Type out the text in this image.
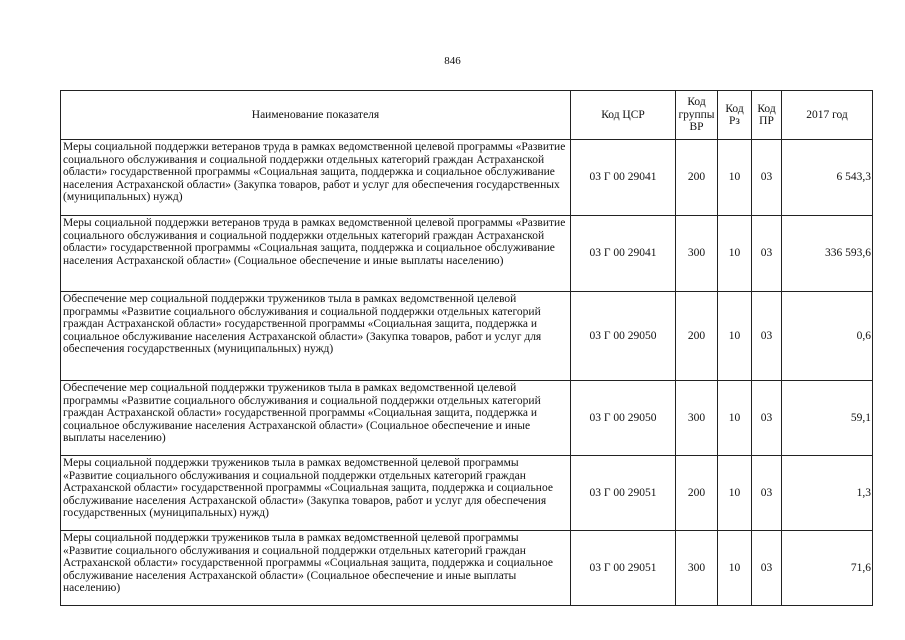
846
Наименование показателя	Код ЦСР	Код группы ВР	Код Рз	Код ПР	2017 год
Меры социальной поддержки ветеранов труда в рамках ведомственной целевой программы «Развитие социального обслуживания и социальной поддержки отдельных категорий граждан Астраханской области» государственной программы «Социальная защита, поддержка и социальное обслуживание населения Астраханской области» (Закупка товаров, работ и услуг для обеспечения государственных (муниципальных) нужд)	03 Г 00 29041	200	10	03	6 543,3
Меры социальной поддержки ветеранов труда в рамках ведомственной целевой программы «Развитие социального обслуживания и социальной поддержки отдельных категорий граждан Астраханской области» государственной программы «Социальная защита, поддержка и социальное обслуживание населения Астраханской области» (Социальное обеспечение и иные выплаты населению)	03 Г 00 29041	300	10	03	336 593,6
Обеспечение мер социальной поддержки тружеников тыла в рамках ведомственной целевой программы «Развитие социального обслуживания и социальной поддержки отдельных категорий граждан Астраханской области» государственной программы «Социальная защита, поддержка и социальное обслуживание населения Астраханской области» (Закупка товаров, работ и услуг для обеспечения государственных (муниципальных) нужд)	03 Г 00 29050	200	10	03	0,6
Обеспечение мер социальной поддержки тружеников тыла в рамках ведомственной целевой программы «Развитие социального обслуживания и социальной поддержки отдельных категорий граждан Астраханской области» государственной программы «Социальная защита, поддержка и социальное обслуживание населения Астраханской области» (Социальное обеспечение и иные выплаты населению)	03 Г 00 29050	300	10	03	59,1
Меры социальной поддержки тружеников тыла в рамках ведомственной целевой программы «Развитие социального обслуживания и социальной поддержки отдельных категорий граждан Астраханской области» государственной программы «Социальная защита, поддержка и социальное обслуживание населения Астраханской области» (Закупка товаров, работ и услуг для обеспечения государственных (муниципальных) нужд)	03 Г 00 29051	200	10	03	1,3
Меры социальной поддержки тружеников тыла в рамках ведомственной целевой программы «Развитие социального обслуживания и социальной поддержки отдельных категорий граждан Астраханской области» государственной программы «Социальная защита, поддержка и социальное обслуживание населения Астраханской области» (Социальное обеспечение и иные выплаты населению)	03 Г 00 29051	300	10	03	71,6
